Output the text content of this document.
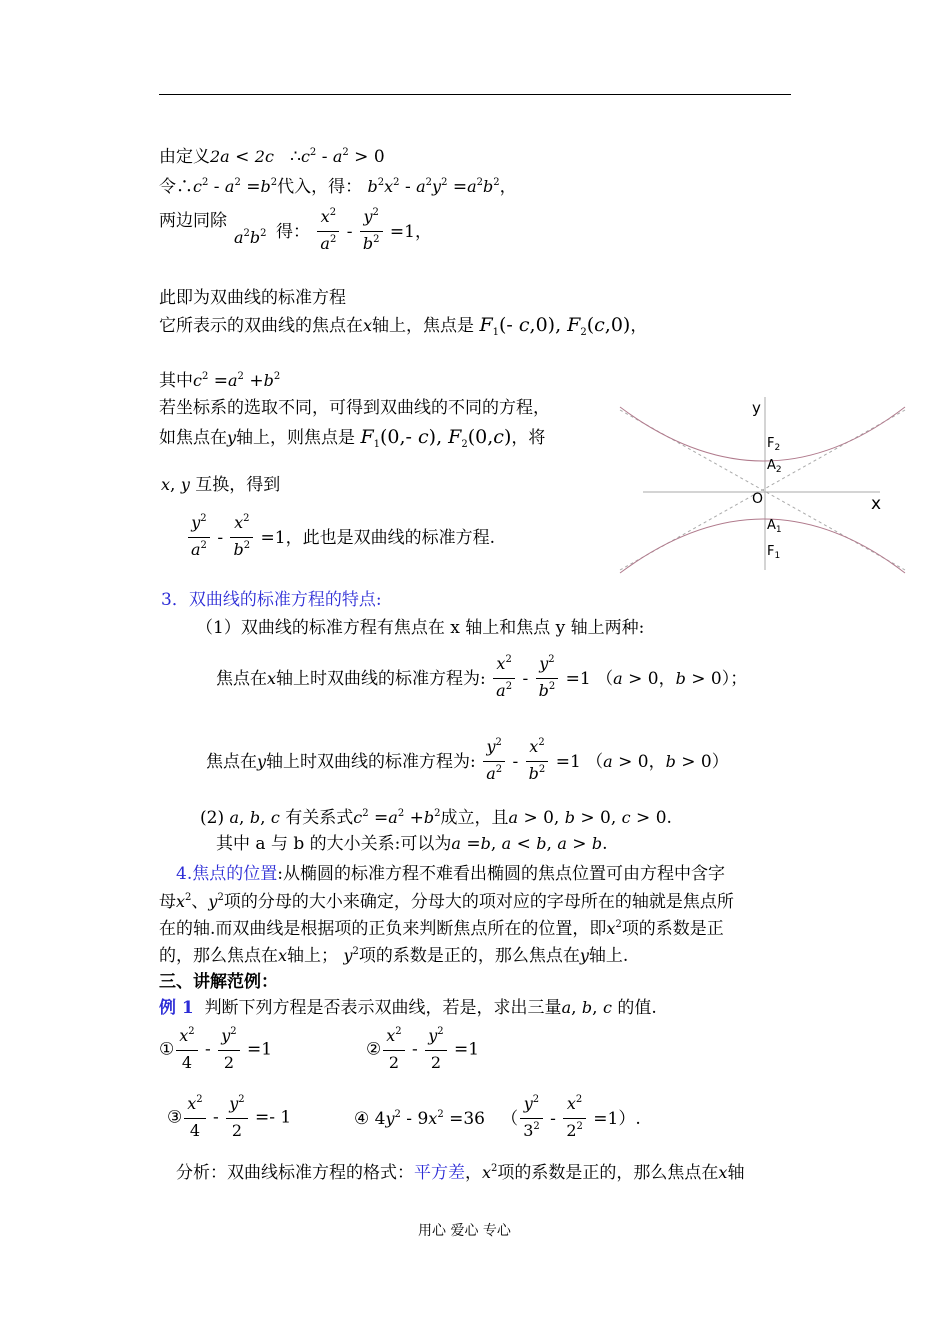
由定义2a < 2c   $\therefore c^2 - a^2 > 0$
令$\therefore c^2 - a^2 =b^2$代入，得： $b^2x^2 - a^2y^2 =a^2b^2$，
两边同除
$a^2b^2$ 得： $\frac{x^2}{a^2} - \frac{y^2}{b^2} =1$，
此即为双曲线的标准方程
它所表示的双曲线的焦点在x轴上，焦点是 $F_1(-$ c,0), $F_2(c,0)$，
其中$c^2 =a^2 +b^2$
若坐标系的选取不同，可得到双曲线的不同的方程，
如焦点在y轴上，则焦点是 $F_1(0,-$ c), $F_2(0,c)$，将
x, y 互换，得到
$\frac{y^2}{a^2} - \frac{x^2}{b^2} =1$，此也是双曲线的标准方程.
y
x
O
$F_2$
$A_2$
$A_1$
$F_1$
3．双曲线的标准方程的特点:
（1）双曲线的标准方程有焦点在 x 轴上和焦点 y 轴上两种:
焦点在x轴上时双曲线的标准方程为: $\frac{x^2}{a^2} - \frac{y^2}{b^2} =1$ （a > 0，b > 0）；
焦点在y轴上时双曲线的标准方程为: $\frac{y^2}{a^2} - \frac{x^2}{b^2} =1$ （a > 0，b > 0）
(2) a, b, c 有关系式$c^2 =a^2 +b^2$成立，且a > 0, b > 0, c > 0.
其中 a 与 b 的大小关系:可以为a =b, a < b, a > b.
4.焦点的位置:从椭圆的标准方程不难看出椭圆的焦点位置可由方程中含字
母$x^2$、$y^2$项的分母的大小来确定，分母大的项对应的字母所在的轴就是焦点所
在的轴.而双曲线是根据项的正负来判断焦点所在的位置，即$x^2$项的系数是正
的，那么焦点在x轴上； $y^2$项的系数是正的，那么焦点在y轴上.
三、讲解范例：
例 1 判断下列方程是否表示双曲线，若是，求出三量a, b, c 的值.
① $\frac{x^2}{4} - \frac{y^2}{2} =1$	② $\frac{x^2}{2} - \frac{y^2}{2} =1$
③ $\frac{x^2}{4} - \frac{y^2}{2} =- 1$	④ $4y^2 - 9x^2 =36$   （ $\frac{y^2}{3^2} - \frac{x^2}{2^2} =1$）.
分析：双曲线标准方程的格式：平方差，$x^2$项的系数是正的，那么焦点在x轴
用心 爱心 专心
